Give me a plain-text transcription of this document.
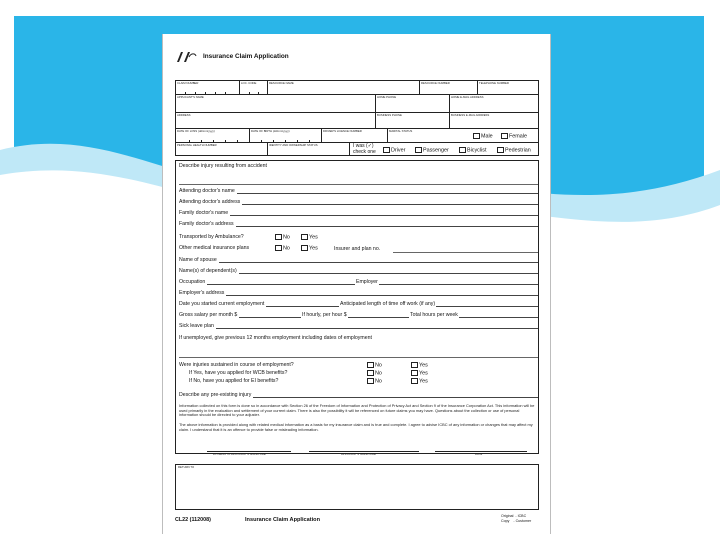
Insurance Claim Application
CLAIM NUMBER	LOC. CODE	RESOURCE NAME	RESOURCE NUMBER	TELEPHONE NUMBER
APPLICANT'S NAME	HOME PHONE	HOME E-MAIL ADDRESS
ADDRESS	BUSINESS PHONE	BUSINESS E-MAIL ADDRESS
DATE OF LOSS (dd/mm/yyyy)	DATE OF BIRTH (dd/mm/yyyy)	DRIVER'S LICENCE NUMBER	MARITAL STATUS
Male	Female
PERSONAL HEALTH NUMBER	IDENTITY AND OWNERSHIP STATUS	I was (✓)
check one	Driver	Passenger	Bicyclist	Pedestrian
Describe injury resulting from accident
Attending doctor's name
Attending doctor's address
Family doctor's name
Family doctor's address
Transported by Ambulance?	No	Yes
Other medical insurance plans	No	Yes	Insurer and plan no.
Name of spouse
Name(s) of dependent(s)
Occupation	Employer
Employer's address
Date you started current employment	Anticipated length of time off work (if any)
Gross salary per month $	If hourly, per hour $	Total hours per week
Sick leave plan
If unemployed, give previous 12 months employment including dates of employment
Were injuries sustained in course of employment?
If Yes, have you applied for WCB benefits?
If No, have you applied for EI benefits?
No	Yes
No	Yes
No	Yes
Describe any pre-existing injury
Information collected on this form is done so in accordance with Section 26 of the Freedom of Information and Protection of Privacy Act and Section 9 of the Insurance Corporation Act. This information will be used primarily in the evaluation and settlement of your current claim. There is also the possibility it will be referenced on future claims you may have. Questions about the collection or use of personal information should be directed to your adjuster.
The above information is provided along with related medical information as a basis for my insurance claim and is true and complete. I agree to advise ICBC of any information or changes that may affect my claim. I understand that it is an offence to provide false or misleading information.
WITNESS TO APPLICANT'S SIGNATURE	APPLICANT'S SIGNATURE	DATE
RETURN TO
CL22 (112008)	Insurance Claim Application
Original - ICBC
Copy - Customer
